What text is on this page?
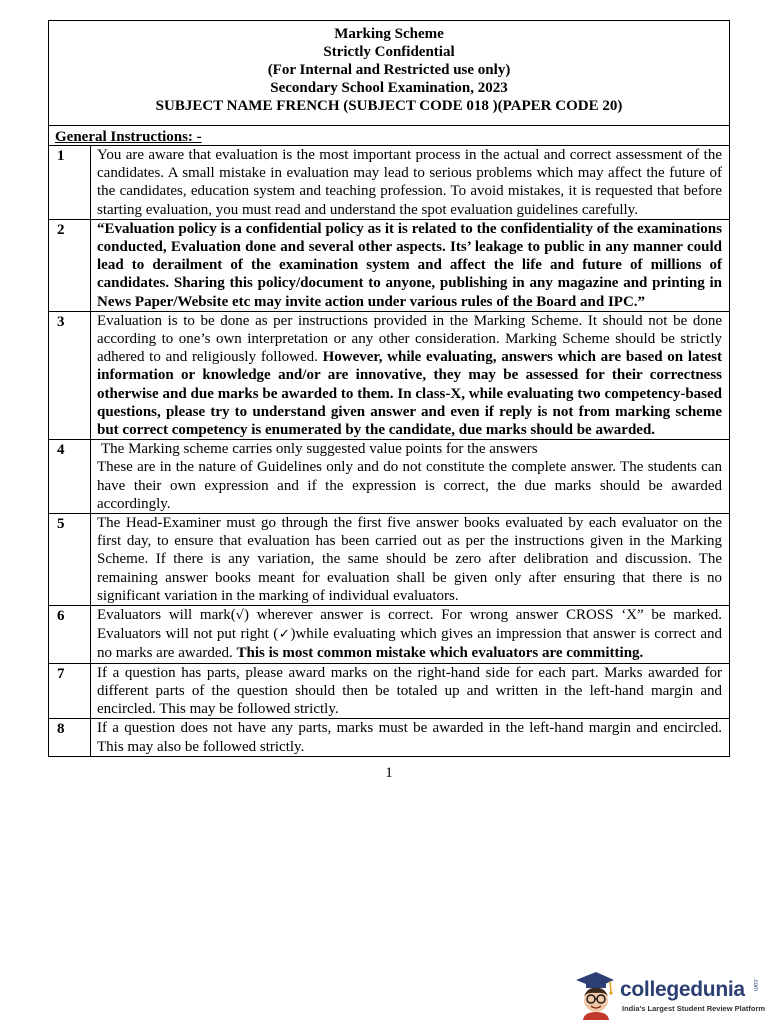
Marking Scheme
Strictly Confidential
(For Internal and Restricted use only)
Secondary School Examination, 2023
SUBJECT NAME FRENCH (SUBJECT CODE 018 )(PAPER CODE 20)	

General Instructions: -	
1	You are aware that evaluation is the most important process in the actual and correct assessment of the candidates. A small mistake in evaluation may lead to serious problems which may affect the future of the candidates, education system and teaching profession. To avoid mistakes, it is requested that before starting evaluation, you must read and understand the spot evaluation guidelines carefully.
2	“Evaluation policy is a confidential policy as it is related to the confidentiality of the examinations conducted, Evaluation done and several other aspects. Its’ leakage to public in any manner could lead to derailment of the examination system and affect the life and future of millions of candidates. Sharing this policy/document to anyone, publishing in any magazine and printing in News Paper/Website etc may invite action under various rules of the Board and IPC.”
3	Evaluation is to be done as per instructions provided in the Marking Scheme. It should not be done according to one’s own interpretation or any other consideration. Marking Scheme should be strictly adhered to and religiously followed. However, while evaluating, answers which are based on latest information or knowledge and/or are innovative, they may be assessed for their correctness otherwise and due marks be awarded to them. In class-X, while evaluating two competency-based questions, please try to understand given answer and even if reply is not from marking scheme but correct competency is enumerated by the candidate, due marks should be awarded.
4	The Marking scheme carries only suggested value points for the answers
These are in the nature of Guidelines only and do not constitute the complete answer. The students can have their own expression and if the expression is correct, the due marks should be awarded accordingly.
5	The Head-Examiner must go through the first five answer books evaluated by each evaluator on the first day, to ensure that evaluation has been carried out as per the instructions given in the Marking Scheme. If there is any variation, the same should be zero after delibration and discussion. The remaining answer books meant for evaluation shall be given only after ensuring that there is no significant variation in the marking of individual evaluators.
6	Evaluators will mark(√) wherever answer is correct. For wrong answer CROSS ‘X” be marked. Evaluators will not put right (✓)while evaluating which gives an impression that answer is correct and no marks are awarded. This is most common mistake which evaluators are committing.
7	If a question has parts, please award marks on the right-hand side for each part. Marks awarded for different parts of the question should then be totaled up and written in the left-hand margin and encircled. This may be followed strictly.
8	If a question does not have any parts, marks must be awarded in the left-hand margin and encircled. This may also be followed strictly.
1
collegedunia .com
India's Largest Student Review Platform
